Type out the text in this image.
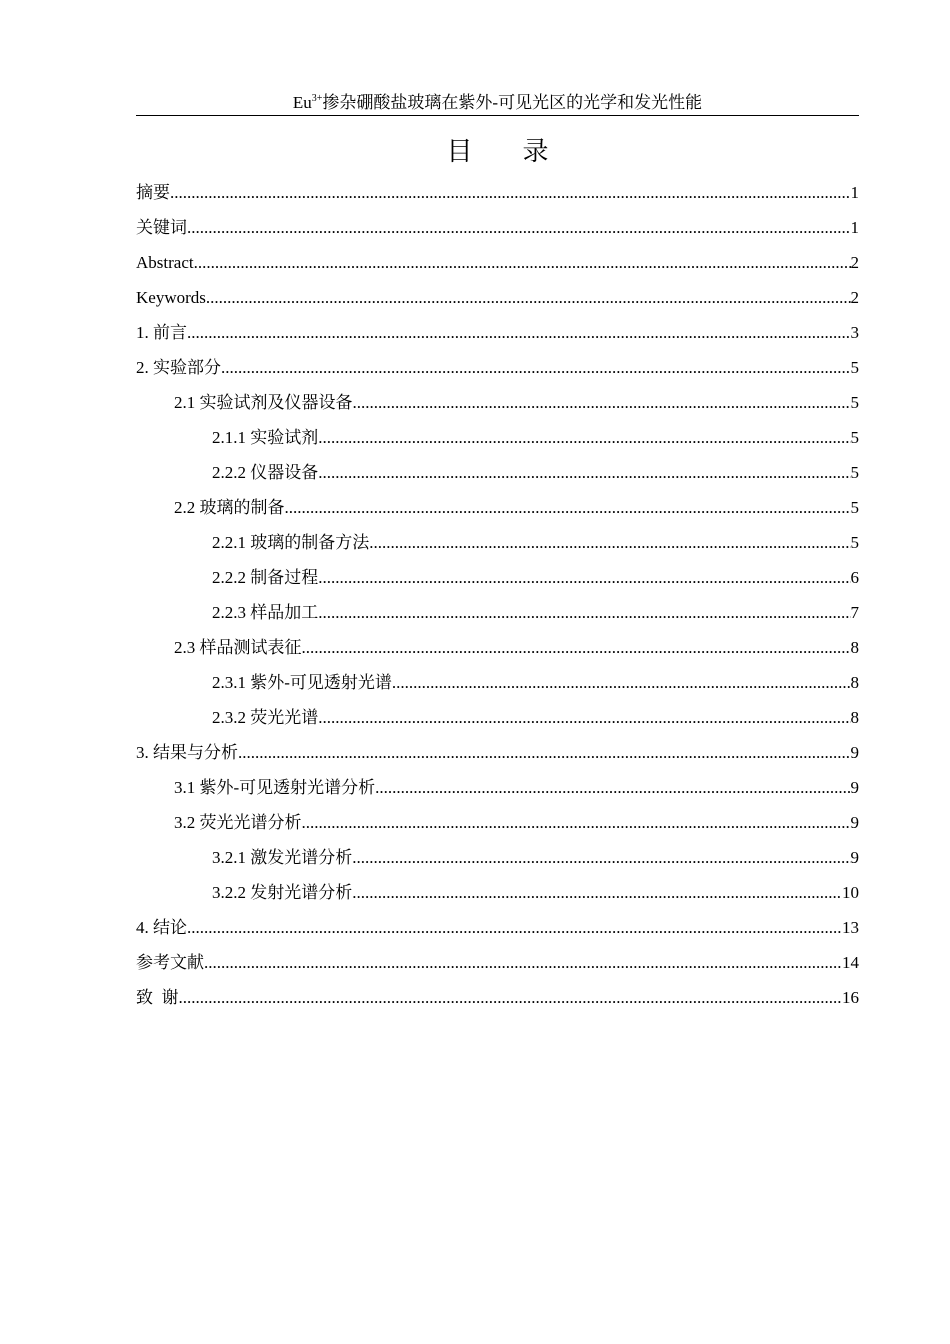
$Eu^{3+}$掺杂硼酸盐玻璃在紫外-可见光区的光学和发光性能
目 录
摘要 .....	1
关键词 .....	1
Abstract .....	2
Keywords .....	2
1. 前言 .....	3
2. 实验部分 .....	5
2.1 实验试剂及仪器设备 .....	5
2.1.1 实验试剂 .....	5
2.2.2 仪器设备 .....	5
2.2 玻璃的制备 .....	5
2.2.1 玻璃的制备方法 .....	5
2.2.2 制备过程 .....	6
2.2.3 样品加工 .....	7
2.3 样品测试表征 .....	8
2.3.1 紫外-可见透射光谱 .....	8
2.3.2 荧光光谱 .....	8
3. 结果与分析 .....	9
3.1 紫外-可见透射光谱分析 .....	9
3.2 荧光光谱分析 .....	9
3.2.1 激发光谱分析 .....	9
3.2.2 发射光谱分析 .....	10
4. 结论 .....	13
参考文献 .....	14
致  谢 .....	16
